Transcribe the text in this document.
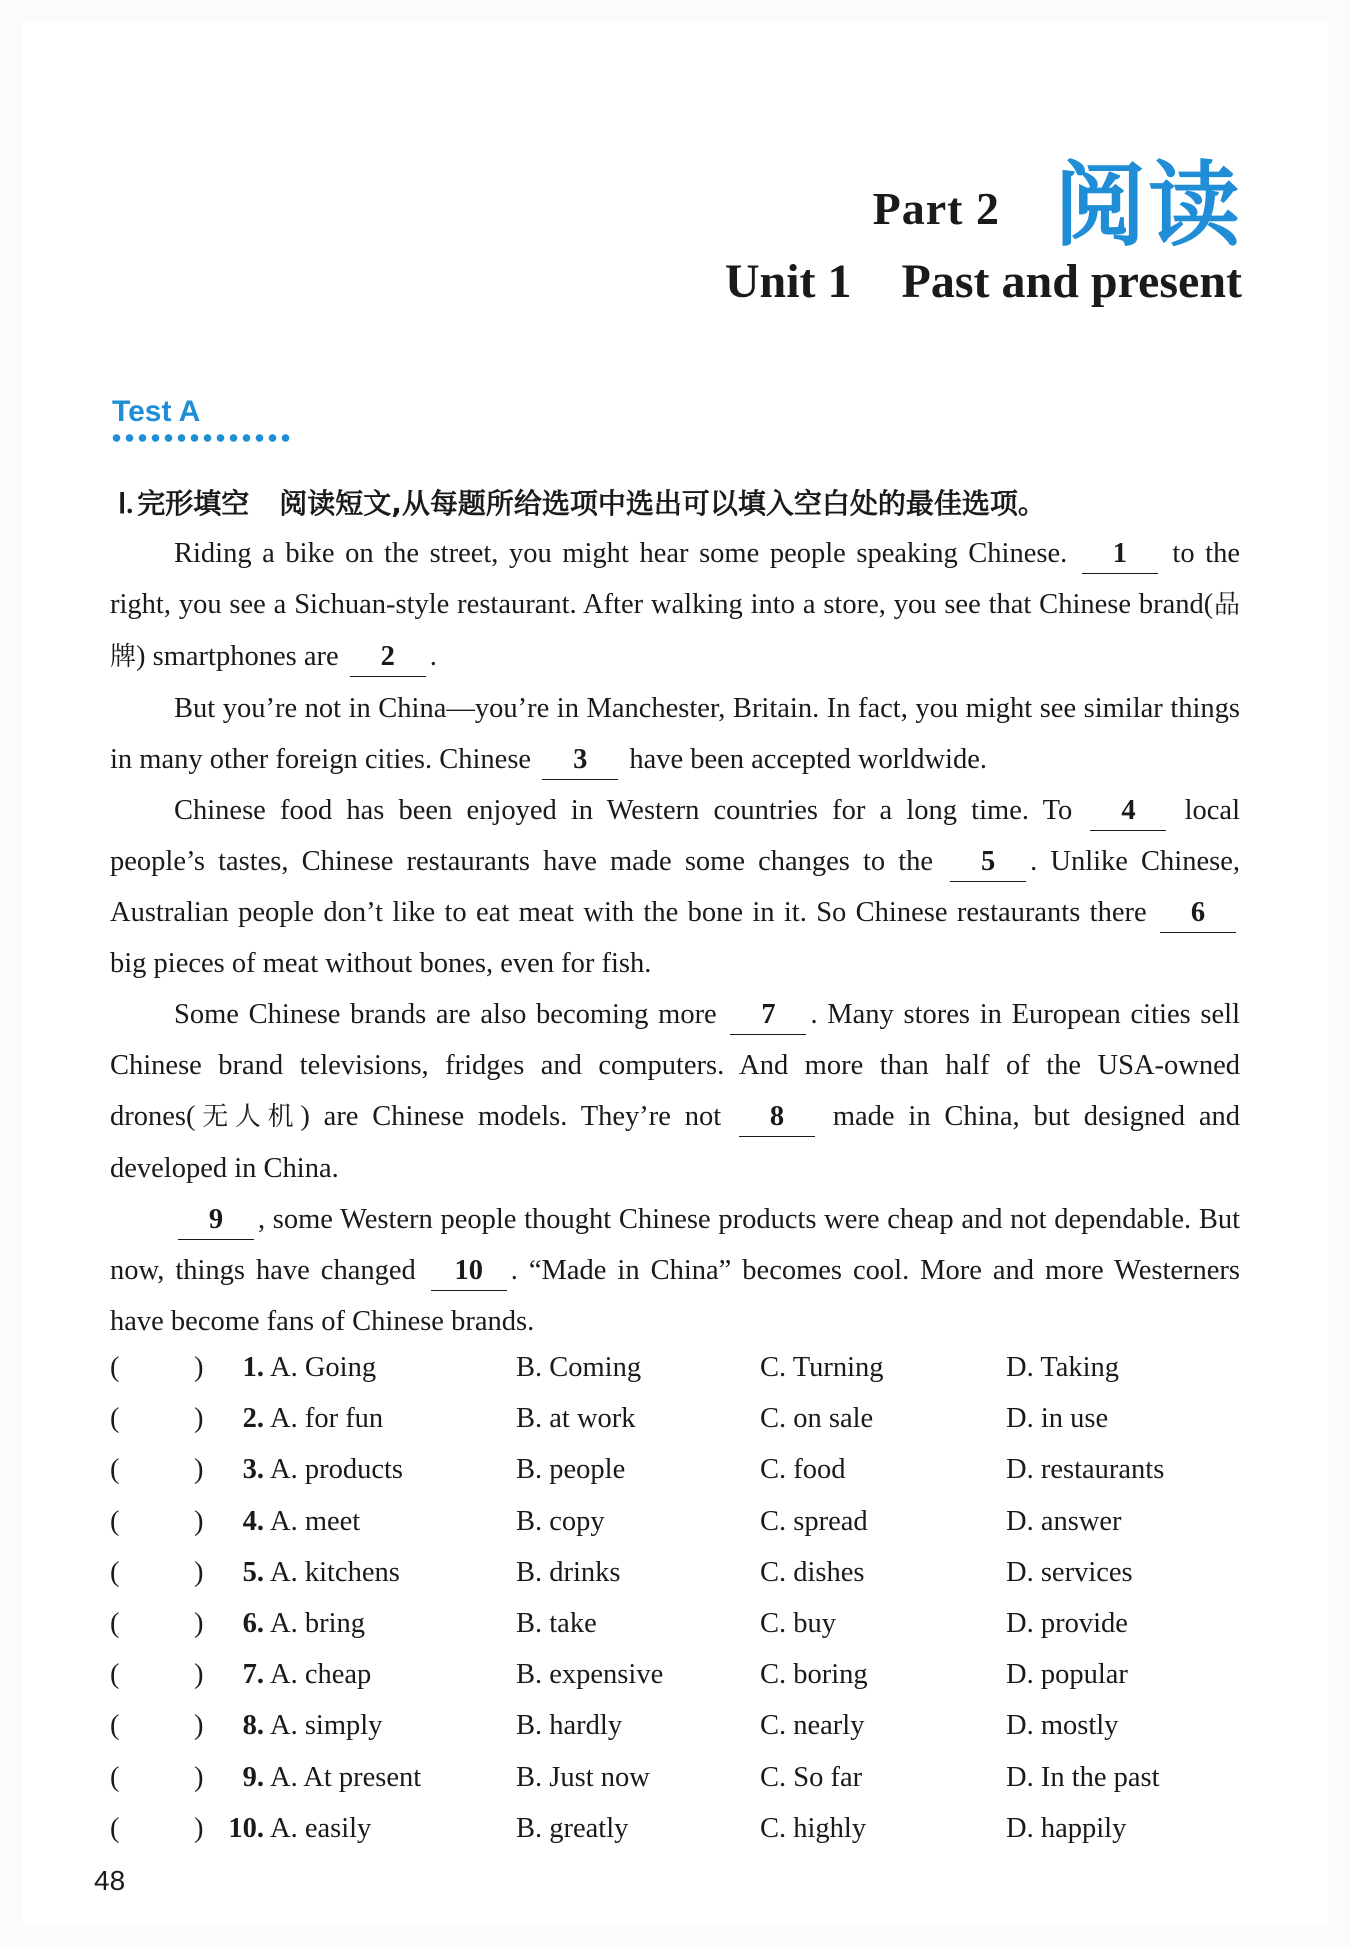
Part 2 阅读
Unit 1 Past and present
Test A
Ⅰ. 完形填空 阅读短文,从每题所给选项中选出可以填入空白处的最佳选项。

Riding a bike on the street, you might hear some people speaking Chinese. 1 to the right, you see a Sichuan-style restaurant. After walking into a store, you see that Chinese brand(品牌) smartphones are 2 .

But you’re not in China—you’re in Manchester, Britain. In fact, you might see similar things in many other foreign cities. Chinese 3 have been accepted worldwide.

Chinese food has been enjoyed in Western countries for a long time. To 4 local people’s tastes, Chinese restaurants have made some changes to the 5 . Unlike Chinese, Australian people don’t like to eat meat with the bone in it. So Chinese restaurants there 6 big pieces of meat without bones, even for fish.

Some Chinese brands are also becoming more 7 . Many stores in European cities sell Chinese brand televisions, fridges and computers. And more than half of the USA-owned drones(无人机) are Chinese models. They’re not 8 made in China, but designed and developed in China.

9 , some Western people thought Chinese products were cheap and not dependable. But now, things have changed 10 . “Made in China” becomes cool. More and more Westerners have become fans of Chinese brands.

(	)	1. A. Going	B. Coming	C. Turning	D. Taking
(	)	2. A. for fun	B. at work	C. on sale	D. in use
(	)	3. A. products	B. people	C. food	D. restaurants
(	)	4. A. meet	B. copy	C. spread	D. answer
(	)	5. A. kitchens	B. drinks	C. dishes	D. services
(	)	6. A. bring	B. take	C. buy	D. provide
(	)	7. A. cheap	B. expensive	C. boring	D. popular
(	)	8. A. simply	B. hardly	C. nearly	D. mostly
(	)	9. A. At present	B. Just now	C. So far	D. In the past
(	) 10. A. easily	B. greatly	C. highly	D. happily
48
